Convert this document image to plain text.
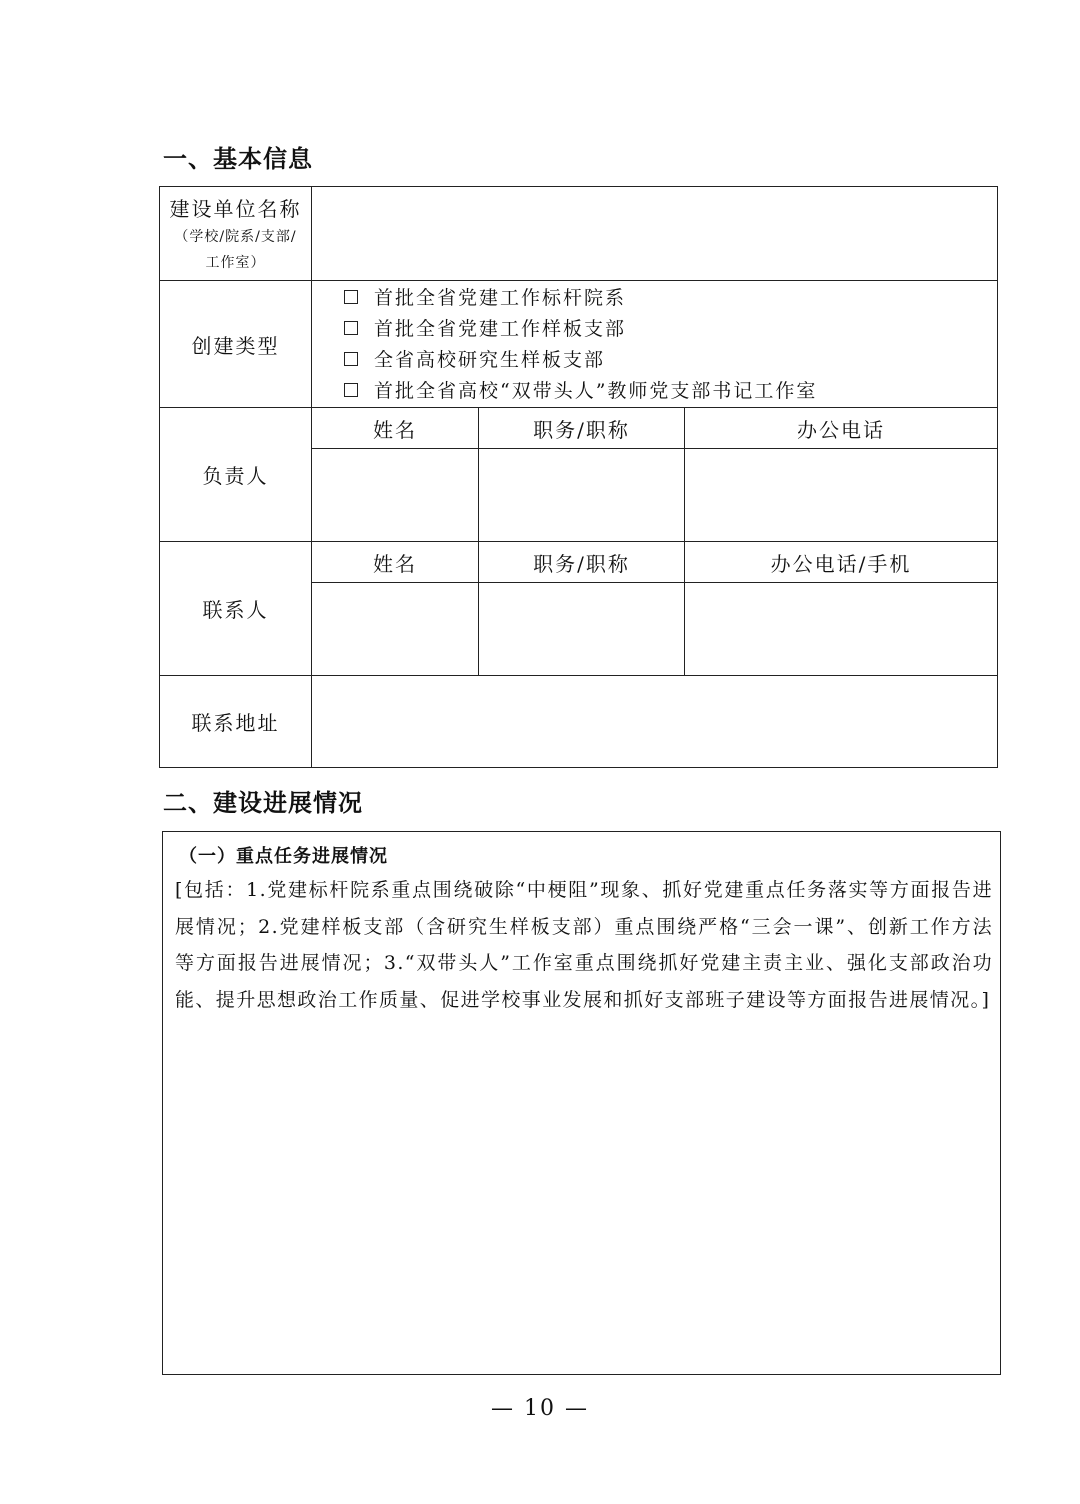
一、基本信息
建设单位名称
（学校/院系/支部/
工作室）			

创建类型	首批全省党建工作标杆院系
首批全省党建工作样板支部
全省高校研究生样板支部
首批全省高校“双带头人”教师党支部书记工作室		

负责人	姓名	职务/职称	办公电话

联系人	姓名	职务/职称	办公电话/手机

联系地址			
二、建设进展情况
（一）重点任务进展情况
[包括：1.党建标杆院系重点围绕破除“中梗阻”现象、抓好党建重点任务落实等方面报告进展情况；2.党建样板支部（含研究生样板支部）重点围绕严格“三会一课”、创新工作方法等方面报告进展情况；3.“双带头人”工作室重点围绕抓好党建主责主业、强化支部政治功能、提升思想政治工作质量、促进学校事业发展和抓好支部班子建设等方面报告进展情况。]
— 10 —
